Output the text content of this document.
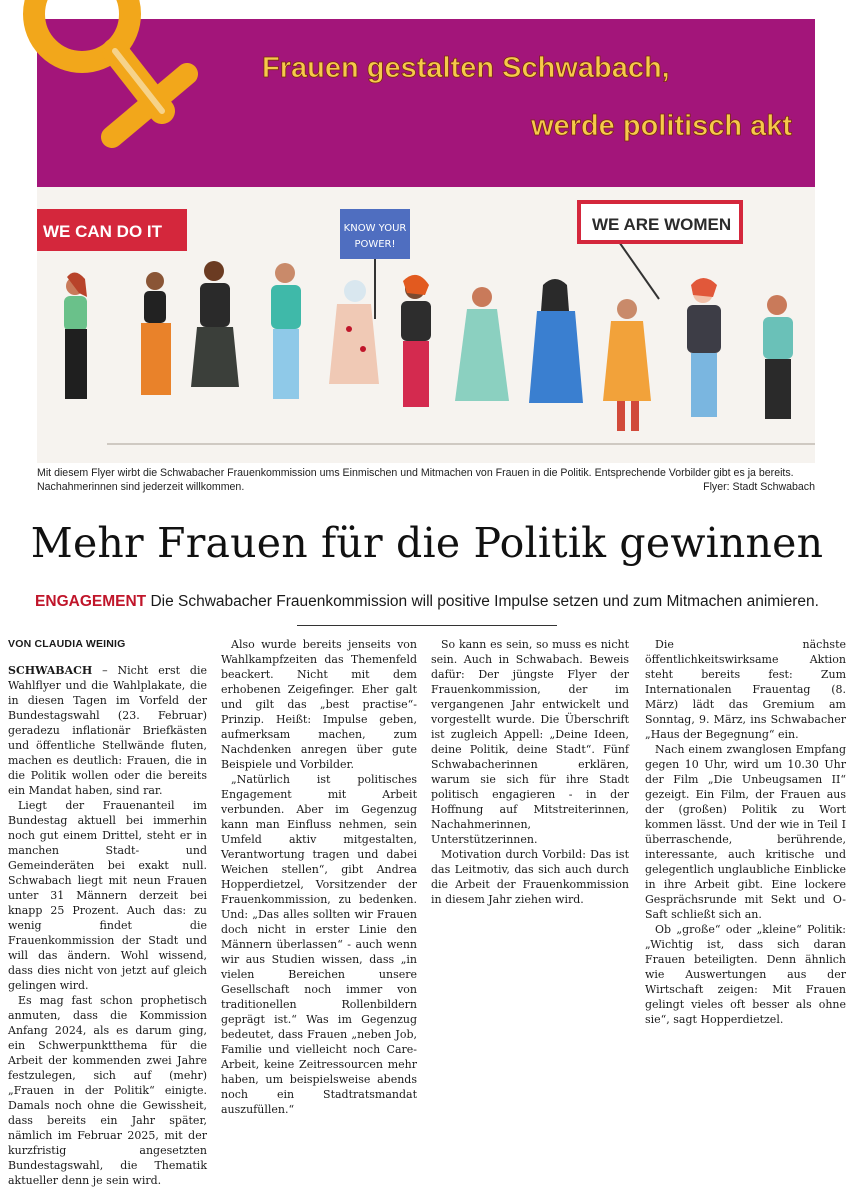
Frauen gestalten Schwabach,
werde politisch akt
WE CAN DO IT	KNOW YOUR
POWER!
WE ARE WOMEN
Mit diesem Flyer wirbt die Schwabacher Frauenkommission ums Einmischen und Mitmachen von Frauen in die Politik. Entsprechende Vorbilder gibt es ja bereits.
Nachahmerinnen sind jederzeit willkommen.	Flyer: Stadt Schwabach
Mehr Frauen für die Politik gewinnen
ENGAGEMENT Die Schwabacher Frauenkommission will positive Impulse setzen und zum Mitmachen animieren.
VON CLAUDIA WEINIG

SCHWABACH – Nicht erst die Wahlflyer und die Wahlplakate, die in diesen Tagen im Vorfeld der Bundestagswahl (23. Februar) geradezu inflationär Briefkästen und öffentliche Stellwände fluten, machen es deutlich: Frauen, die in die Politik wollen oder die bereits ein Mandat haben, sind rar.

Liegt der Frauenanteil im Bundestag aktuell bei immerhin noch gut einem Drittel, steht er in manchen Stadt- und Gemeinderäten bei exakt null. Schwabach liegt mit neun Frauen unter 31 Männern derzeit bei knapp 25 Prozent. Auch das: zu wenig findet die Frauenkommission der Stadt und will das ändern. Wohl wissend, dass dies nicht von jetzt auf gleich gelingen wird.

Es mag fast schon prophetisch anmuten, dass die Kommission Anfang 2024, als es darum ging, ein Schwerpunktthema für die Arbeit der kommenden zwei Jahre festzulegen, sich auf (mehr) „Frauen in der Politik“ einigte. Damals noch ohne die Gewissheit, dass bereits ein Jahr später, nämlich im Februar 2025, mit der kurzfristig angesetzten Bundestagswahl, die Thematik aktueller denn je sein wird.

Also wurde bereits jenseits von Wahlkampfzeiten das Themenfeld beackert. Nicht mit dem erhobenen Zeigefinger. Eher galt und gilt das „best practise“-Prinzip. Heißt: Impulse geben, aufmerksam machen, zum Nachdenken anregen über gute Beispiele und Vorbilder.

„Natürlich ist politisches Engagement mit Arbeit verbunden. Aber im Gegenzug kann man Einfluss nehmen, sein Umfeld aktiv mitgestalten, Verantwortung tragen und dabei Weichen stellen“, gibt Andrea Hopperdietzel, Vorsitzender der Frauenkommission, zu bedenken. Und: „Das alles sollten wir Frauen doch nicht in erster Linie den Männern überlassen“ - auch wenn wir aus Studien wissen, dass „in vielen Bereichen unsere Gesellschaft noch immer von traditionellen Rollenbildern geprägt ist.“ Was im Gegenzug bedeutet, dass Frauen „neben Job, Familie und vielleicht noch Care-Arbeit, keine Zeitressourcen mehr haben, um beispielsweise abends noch ein Stadtratsmandat auszufüllen.“

So kann es sein, so muss es nicht sein. Auch in Schwabach. Beweis dafür: Der jüngste Flyer der Frauenkommission, der im vergangenen Jahr entwickelt und vorgestellt wurde. Die Überschrift ist zugleich Appell: „Deine Ideen, deine Politik, deine Stadt“. Fünf Schwabacherinnen erklären, warum sie sich für ihre Stadt politisch engagieren - in der Hoffnung auf Mitstreiterinnen, Nachahmerinnen, Unterstützerinnen.

Motivation durch Vorbild: Das ist das Leitmotiv, das sich auch durch die Arbeit der Frauenkommission in diesem Jahr ziehen wird.

Die nächste öffentlichkeitswirksame Aktion steht bereits fest: Zum Internationalen Frauentag (8. März) lädt das Gremium am Sonntag, 9. März, ins Schwabacher „Haus der Begegnung“ ein.

Nach einem zwanglosen Empfang gegen 10 Uhr, wird um 10.30 Uhr der Film „Die Unbeugsamen II“ gezeigt. Ein Film, der Frauen aus der (großen) Politik zu Wort kommen lässt. Und der wie in Teil I überraschende, berührende, interessante, auch kritische und gelegentlich unglaubliche Einblicke in ihre Arbeit gibt. Eine lockere Gesprächsrunde mit Sekt und O-Saft schließt sich an.

Ob „große“ oder „kleine“ Politik: „Wichtig ist, dass sich daran Frauen beteiligten. Denn ähnlich wie Auswertungen aus der Wirtschaft zeigen: Mit Frauen gelingt vieles oft besser als ohne sie“, sagt Hopperdietzel.
